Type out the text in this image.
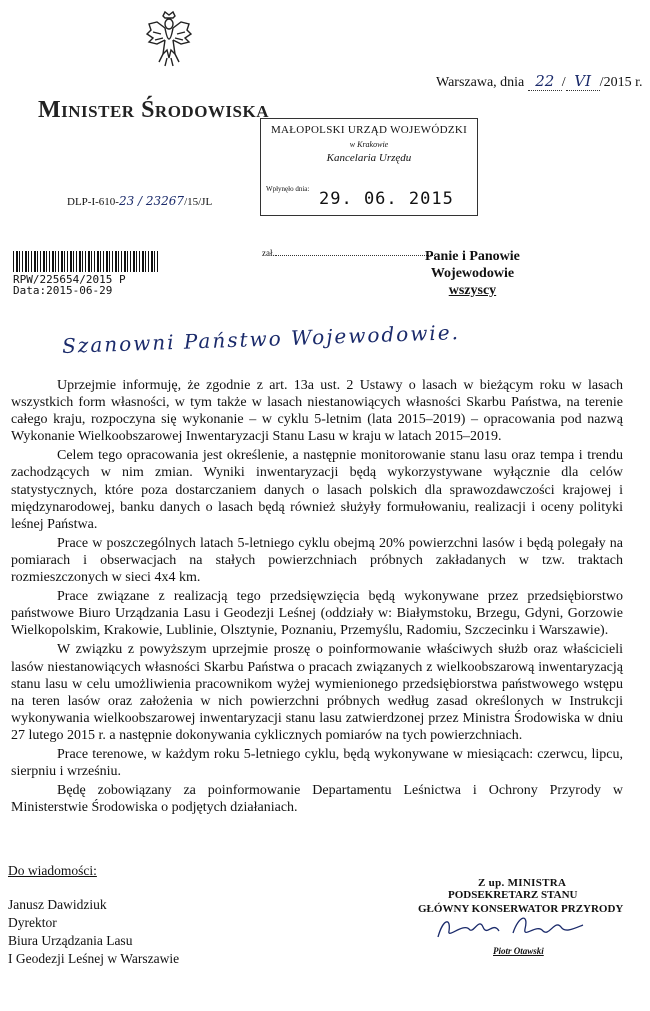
Warszawa, dnia 22 / VI /2015 r.
Minister Środowiska
MAŁOPOLSKI URZĄD WOJEWÓDZKI
w Krakowie
Kancelaria Urzędu
Wpłynęło dnia: 29. 06. 2015
zał.
DLP-I-610-23 / 23267/15/JL
RPW/225654/2015 P
Data:2015-06-29
Panie i Panowie
Wojewodowie
wszyscy
Szanowni Państwo Wojewodowie.

Uprzejmie informuję, że zgodnie z art. 13a ust. 2 Ustawy o lasach w bieżącym roku w lasach wszystkich form własności, w tym także w lasach niestanowiących własności Skarbu Państwa, na terenie całego kraju, rozpoczyna się wykonanie – w cyklu 5-letnim (lata 2015–2019) – opracowania pod nazwą Wykonanie Wielkoobszarowej Inwentaryzacji Stanu Lasu w kraju w latach 2015–2019.

Celem tego opracowania jest określenie, a następnie monitorowanie stanu lasu oraz tempa i trendu zachodzących w nim zmian. Wyniki inwentaryzacji będą wykorzystywane wyłącznie dla celów statystycznych, które poza dostarczaniem danych o lasach polskich dla sprawozdawczości krajowej i międzynarodowej, banku danych o lasach będą również służyły formułowaniu, realizacji i oceny polityki leśnej Państwa.

Prace w poszczególnych latach 5-letniego cyklu obejmą 20% powierzchni lasów i będą polegały na pomiarach i obserwacjach na stałych powierzchniach próbnych zakładanych w tzw. traktach rozmieszczonych w sieci 4x4 km.

Prace związane z realizacją tego przedsięwzięcia będą wykonywane przez przedsiębiorstwo państwowe Biuro Urządzania Lasu i Geodezji Leśnej (oddziały w: Białymstoku, Brzegu, Gdyni, Gorzowie Wielkopolskim, Krakowie, Lublinie, Olsztynie, Poznaniu, Przemyślu, Radomiu, Szczecinku i Warszawie).

W związku z powyższym uprzejmie proszę o poinformowanie właściwych służb oraz właścicieli lasów niestanowiących własności Skarbu Państwa o pracach związanych z wielkoobszarową inwentaryzacją stanu lasu w celu umożliwienia pracownikom wyżej wymienionego przedsiębiorstwa państwowego wstępu na teren lasów oraz założenia w nich powierzchni próbnych według zasad określonych w Instrukcji wykonywania wielkoobszarowej inwentaryzacji stanu lasu zatwierdzonej przez Ministra Środowiska w dniu 27 lutego 2015 r. a następnie dokonywania cyklicznych pomiarów na tych powierzchniach.

Prace terenowe, w każdym roku 5-letniego cyklu, będą wykonywane w miesiącach: czerwcu, lipcu, sierpniu i wrześniu.

Będę zobowiązany za poinformowanie Departamentu Leśnictwa i Ochrony Przyrody w Ministerstwie Środowiska o podjętych działaniach.

Do wiadomości:
Janusz Dawidziuk
Dyrektor
Biura Urządzania Lasu
I Geodezji Leśnej w Warszawie
Z up. MINISTRA
PODSEKRETARZ STANU
GŁÓWNY KONSERWATOR PRZYRODY
Piotr Otawski
